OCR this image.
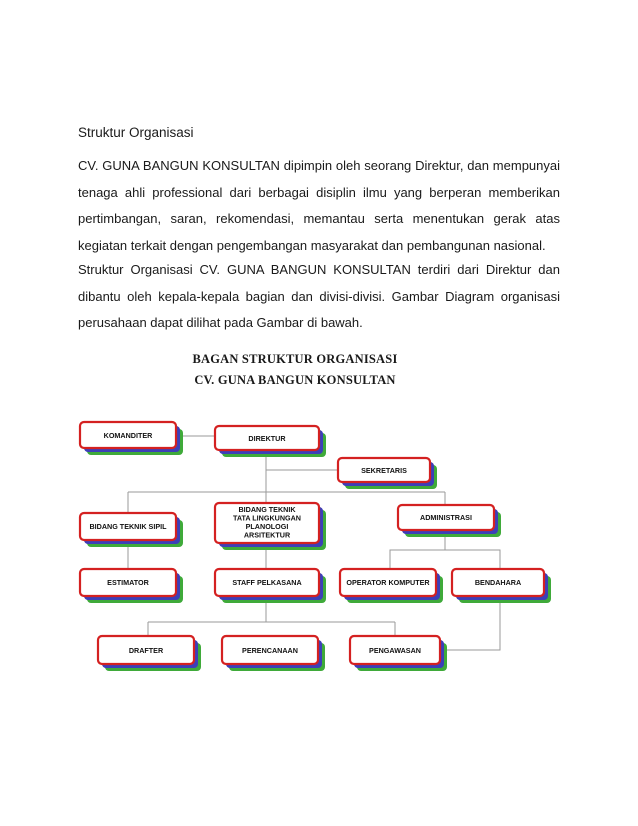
Struktur Organisasi

CV. GUNA BANGUN KONSULTAN dipimpin oleh seorang Direktur, dan mempunyai tenaga ahli professional dari berbagai disiplin ilmu yang berperan memberikan pertimbangan, saran, rekomendasi, memantau serta menentukan gerak atas kegiatan terkait dengan pengembangan masyarakat dan pembangunan nasional.

Struktur Organisasi CV. GUNA BANGUN KONSULTAN terdiri dari Direktur dan dibantu oleh kepala-kepala bagian dan divisi-divisi. Gambar Diagram organisasi perusahaan dapat dilihat pada Gambar di bawah.

BAGAN STRUKTUR ORGANISASI
CV. GUNA BANGUN KONSULTAN
KOMANDITER	DIREKTUR
SEKRETARIS
BIDANG TEKNIK SIPIL
BIDANG TEKNIK
TATA LINGKUNGAN
PLANOLOGI
ARSITEKTUR
ADMINISTRASI
ESTIMATOR	STAFF PELKASANA	OPERATOR KOMPUTER	BENDAHARA
DRAFTER	PERENCANAAN	PENGAWASAN
